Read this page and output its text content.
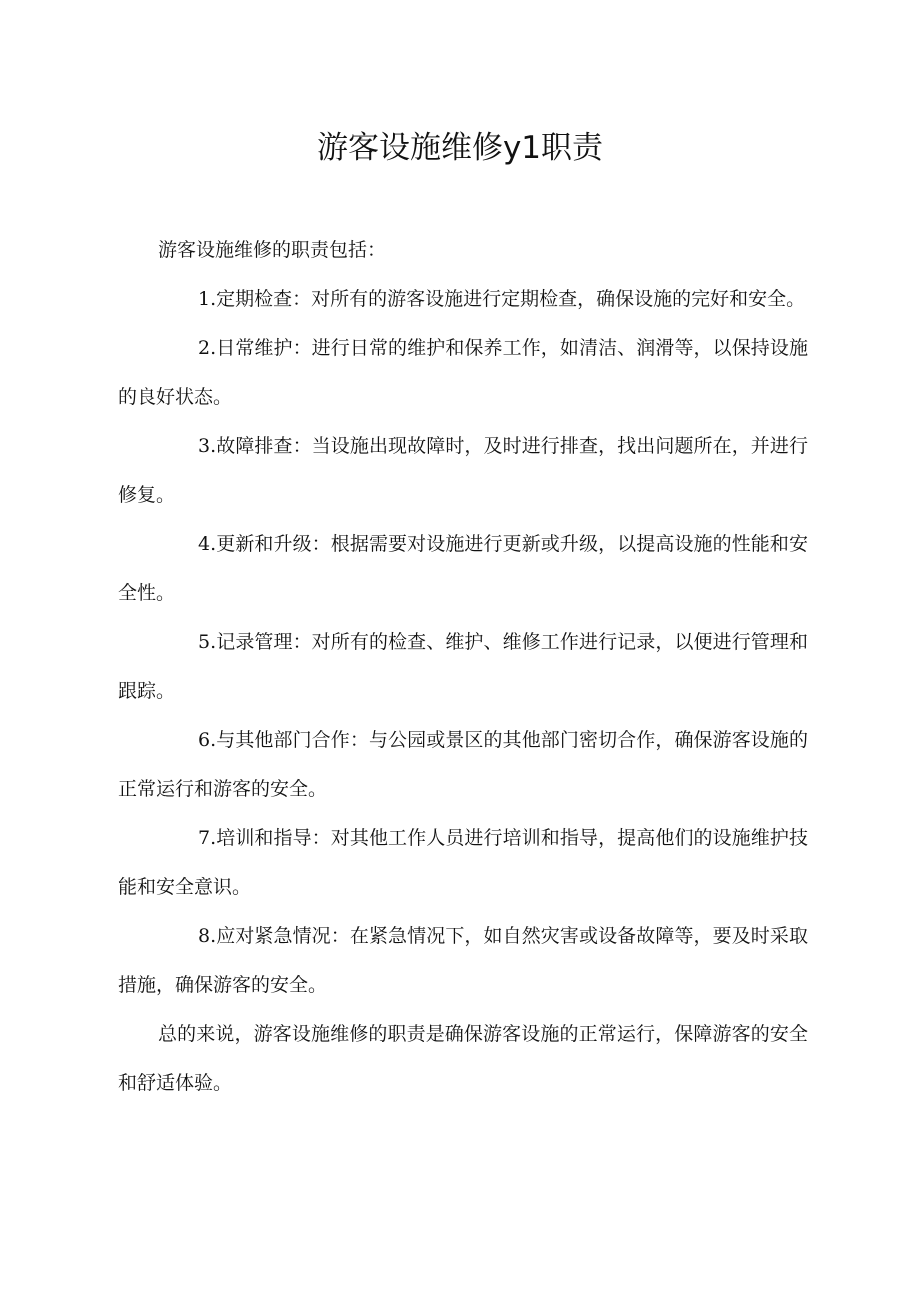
游客设施维修y1职责

游客设施维修的职责包括：

1.定期检查：对所有的游客设施进行定期检查，确保设施的完好和安全。

2.日常维护：进行日常的维护和保养工作，如清洁、润滑等，以保持设施的良好状态。

3.故障排查：当设施出现故障时，及时进行排查，找出问题所在，并进行修复。

4.更新和升级：根据需要对设施进行更新或升级，以提高设施的性能和安全性。

5.记录管理：对所有的检查、维护、维修工作进行记录，以便进行管理和跟踪。

6.与其他部门合作：与公园或景区的其他部门密切合作，确保游客设施的正常运行和游客的安全。

7.培训和指导：对其他工作人员进行培训和指导，提高他们的设施维护技能和安全意识。

8.应对紧急情况：在紧急情况下，如自然灾害或设备故障等，要及时采取措施，确保游客的安全。

总的来说，游客设施维修的职责是确保游客设施的正常运行，保障游客的安全和舒适体验。
